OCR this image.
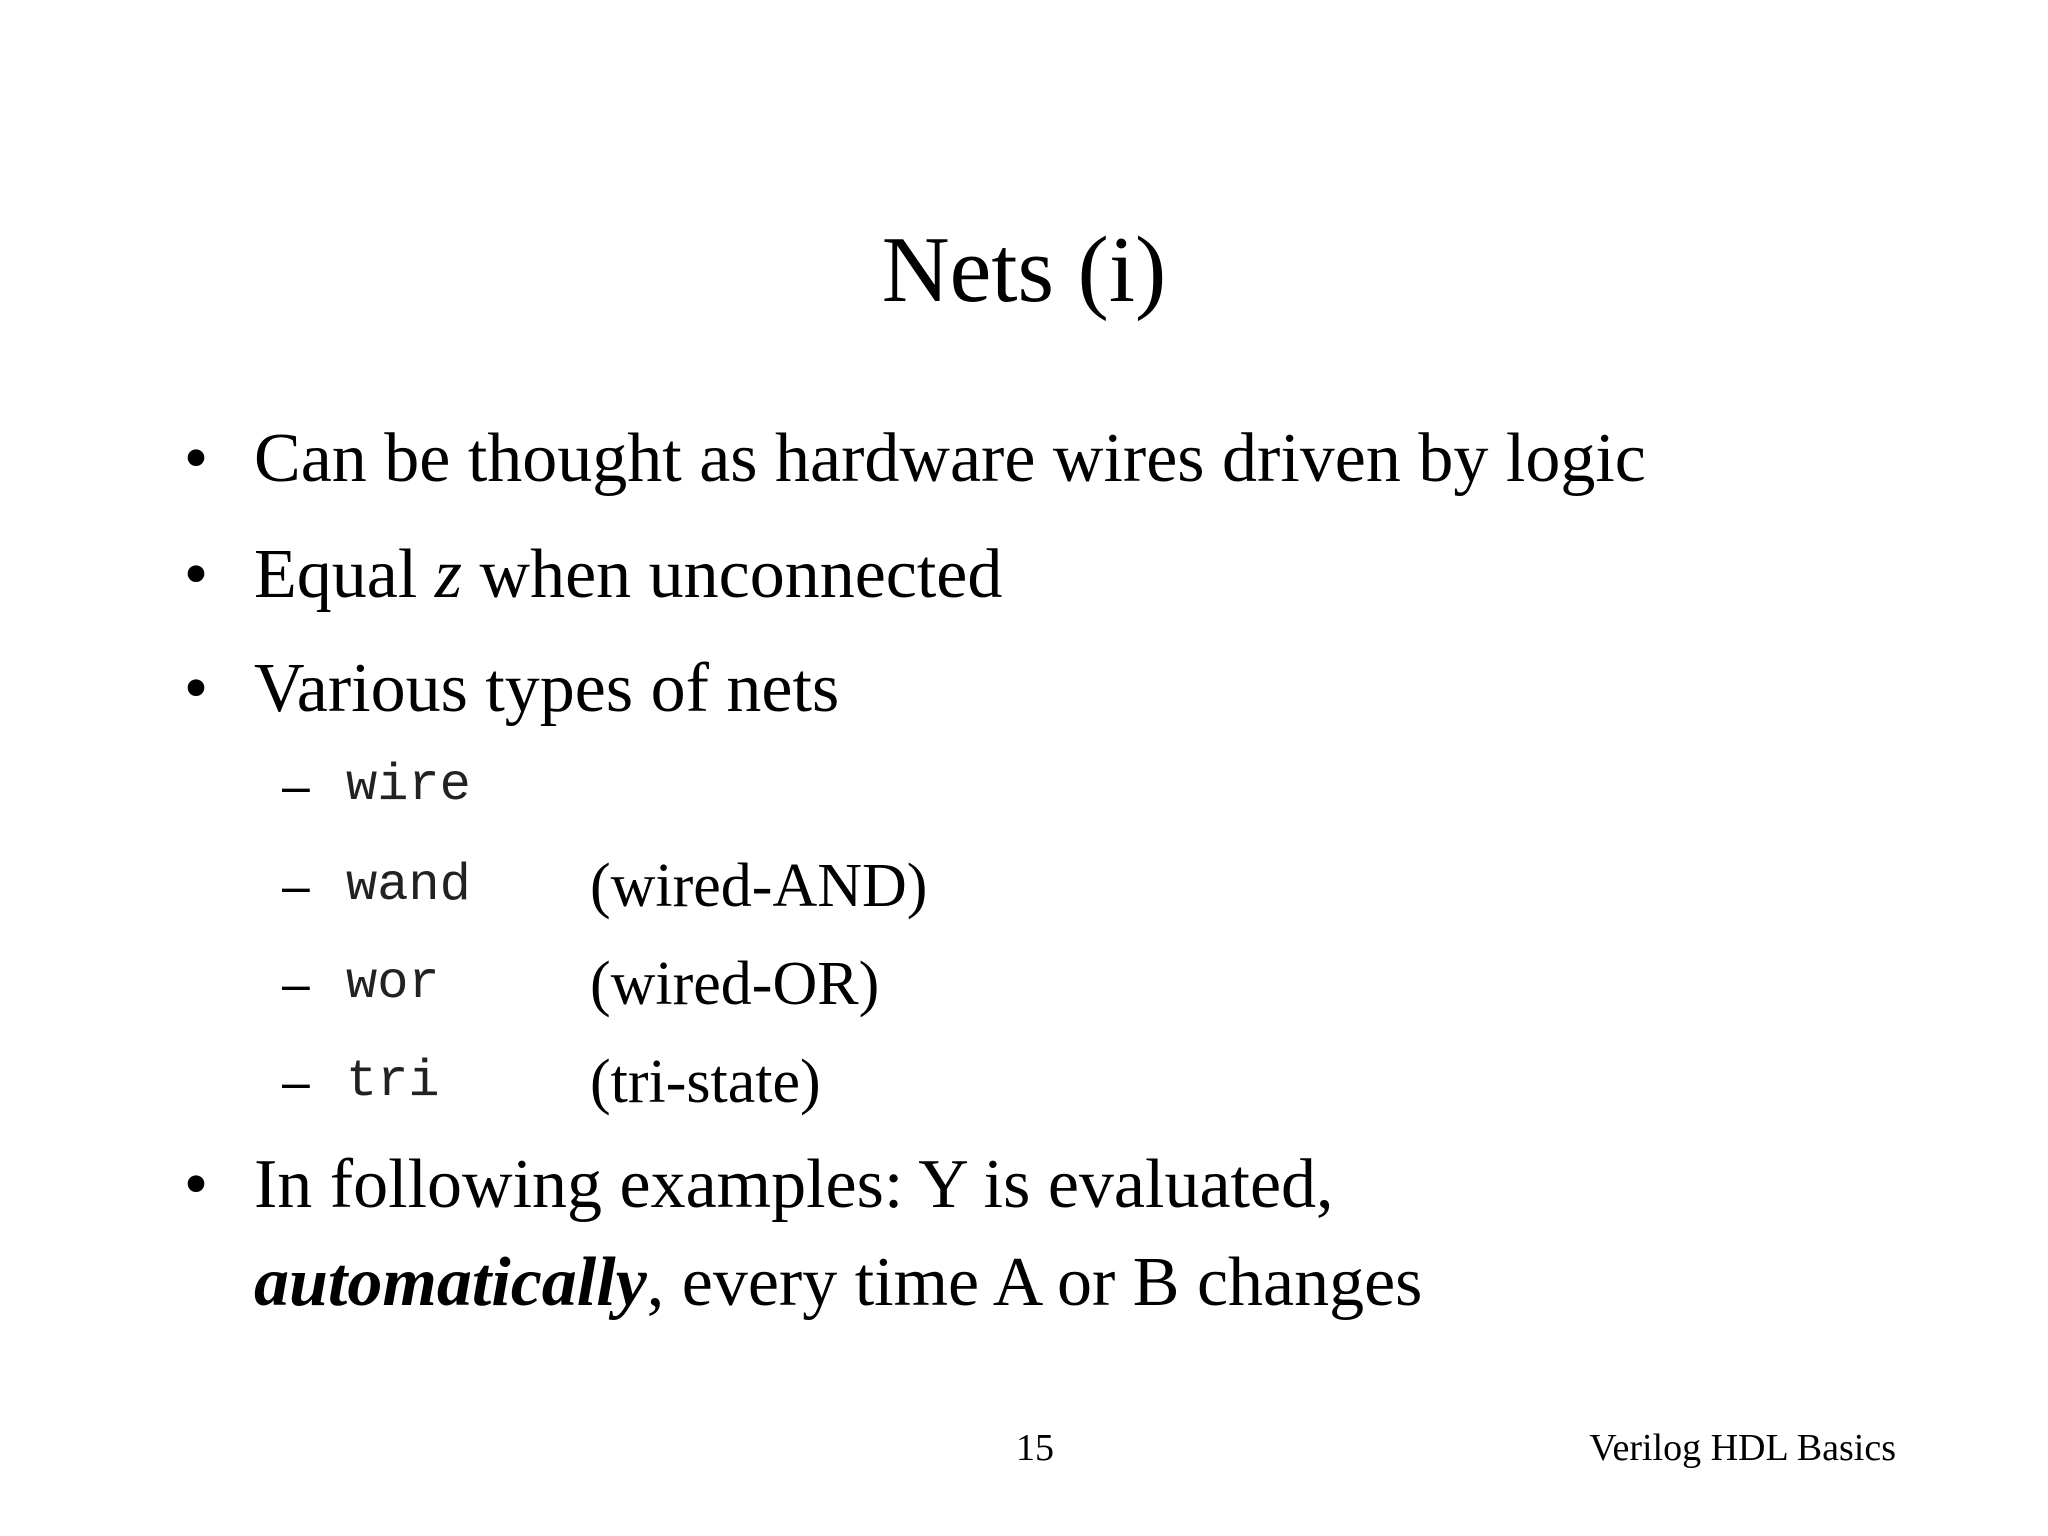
Nets (i)
• Can be thought as hardware wires driven by logic
• Equal z when unconnected
• Various types of nets
– wire
– wand (wired-AND)
– wor (wired-OR)
– tri (tri-state)
• In following examples: Y is evaluated,
automatically, every time A or B changes
15	Verilog HDL Basics
